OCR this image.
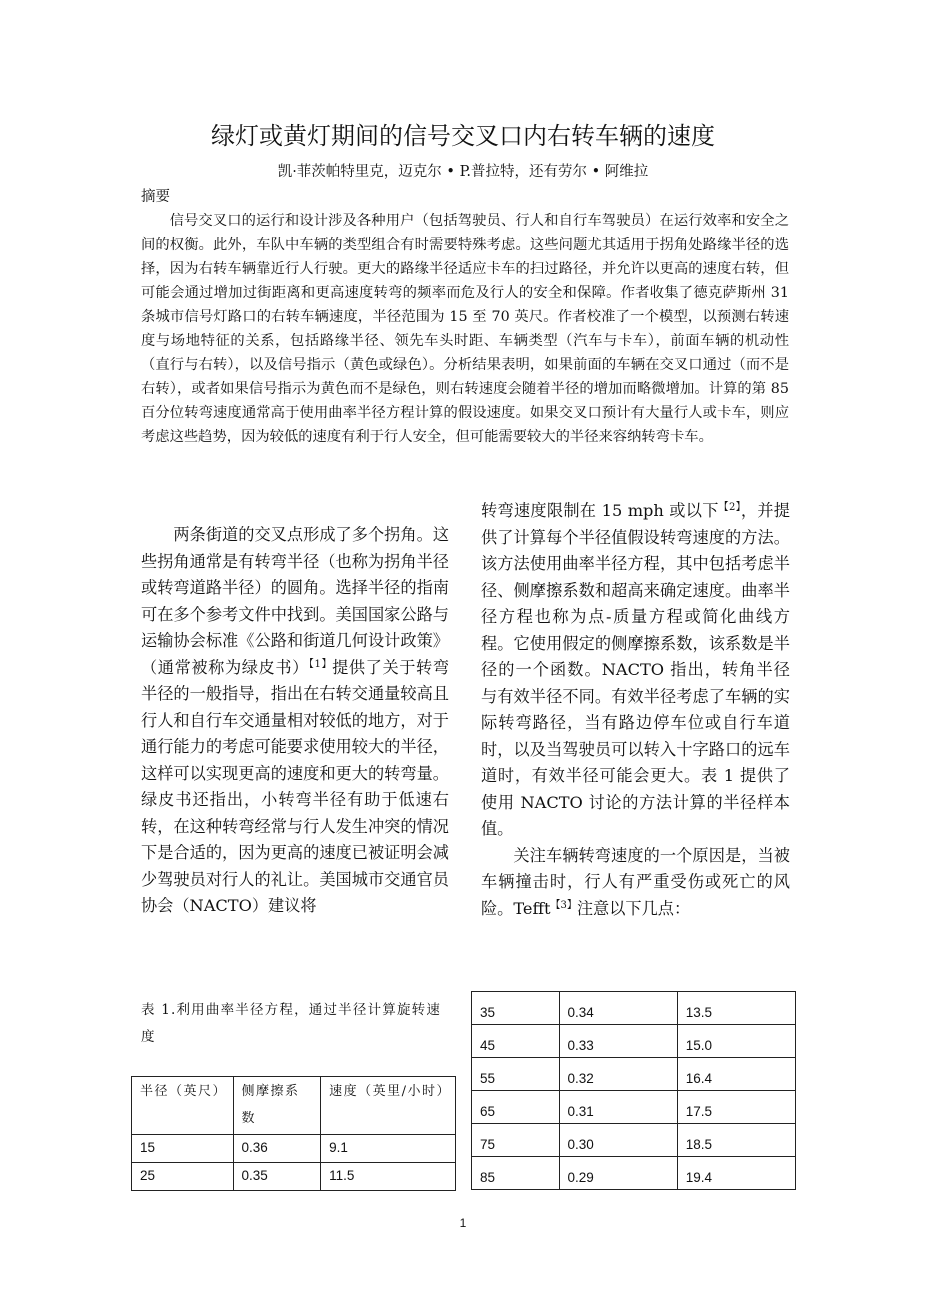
绿灯或黄灯期间的信号交叉口内右转车辆的速度
凯·菲茨帕特里克，迈克尔 • P.普拉特，还有劳尔 • 阿维拉
摘要

信号交叉口的运行和设计涉及各种用户（包括驾驶员、行人和自行车驾驶员）在运行效率和安全之间的权衡。此外，车队中车辆的类型组合有时需要特殊考虑。这些问题尤其适用于拐角处路缘半径的选择，因为右转车辆靠近行人行驶。更大的路缘半径适应卡车的扫过路径，并允许以更高的速度右转，但可能会通过增加过街距离和更高速度转弯的频率而危及行人的安全和保障。作者收集了德克萨斯州 31 条城市信号灯路口的右转车辆速度，半径范围为 15 至 70 英尺。作者校准了一个模型，以预测右转速度与场地特征的关系，包括路缘半径、领先车头时距、车辆类型（汽车与卡车），前面车辆的机动性（直行与右转），以及信号指示（黄色或绿色）。分析结果表明，如果前面的车辆在交叉口通过（而不是右转），或者如果信号指示为黄色而不是绿色，则右转速度会随着半径的增加而略微增加。计算的第 85 百分位转弯速度通常高于使用曲率半径方程计算的假设速度。如果交叉口预计有大量行人或卡车，则应考虑这些趋势，因为较低的速度有利于行人安全，但可能需要较大的半径来容纳转弯卡车。

两条街道的交叉点形成了多个拐角。这些拐角通常是有转弯半径（也称为拐角半径或转弯道路半径）的圆角。选择半径的指南可在多个参考文件中找到。美国国家公路与运输协会标准《公路和街道几何设计政策》（通常被称为绿皮书）$^{【1】}$提供了关于转弯半径的一般指导，指出在右转交通量较高且行人和自行车交通量相对较低的地方，对于通行能力的考虑可能要求使用较大的半径，这样可以实现更高的速度和更大的转弯量。绿皮书还指出，小转弯半径有助于低速右转，在这种转弯经常与行人发生冲突的情况下是合适的，因为更高的速度已被证明会减少驾驶员对行人的礼让。美国城市交通官员协会（NACTO）建议将

转弯速度限制在 15 mph 或以下$^{【2】}$，并提供了计算每个半径值假设转弯速度的方法。该方法使用曲率半径方程，其中包括考虑半径、侧摩擦系数和超高来确定速度。曲率半径方程也称为点-质量方程或简化曲线方程。它使用假定的侧摩擦系数，该系数是半径的一个函数。NACTO 指出，转角半径与有效半径不同。有效半径考虑了车辆的实际转弯路径，当有路边停车位或自行车道时，以及当驾驶员可以转入十字路口的远车道时，有效半径可能会更大。表 1 提供了使用 NACTO 讨论的方法计算的半径样本值。

关注车辆转弯速度的一个原因是，当被车辆撞击时，行人有严重受伤或死亡的风险。Tefft$^{【3】}$注意以下几点：

表 1.利用曲率半径方程，通过半径计算旋转速度
半径（英尺）	侧摩擦系数	速度（英里/小时）
15	0.36	9.1
25	0.35	11.5
35	0.34	13.5
45	0.33	15.0
55	0.32	16.4
65	0.31	17.5
75	0.30	18.5
85	0.29	19.4
1
